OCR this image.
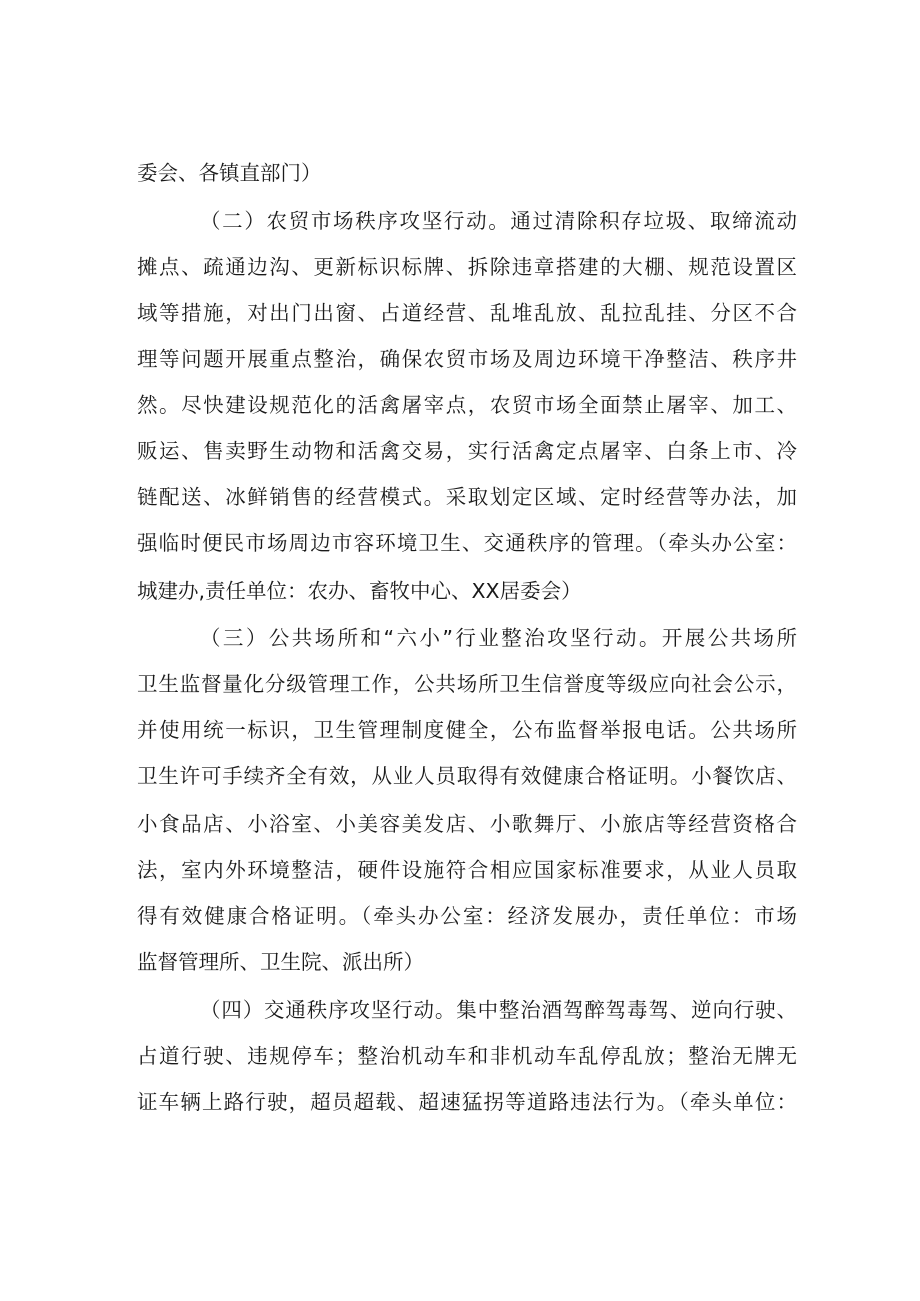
委会、各镇直部门）
（二）农贸市场秩序攻坚行动。通过清除积存垃圾、取缔流动
摊点、疏通边沟、更新标识标牌、拆除违章搭建的大棚、规范设置区
域等措施，对出门出窗、占道经营、乱堆乱放、乱拉乱挂、分区不合
理等问题开展重点整治，确保农贸市场及周边环境干净整洁、秩序井
然。尽快建设规范化的活禽屠宰点，农贸市场全面禁止屠宰、加工、
贩运、售卖野生动物和活禽交易，实行活禽定点屠宰、白条上市、冷
链配送、冰鲜销售的经营模式。采取划定区域、定时经营等办法，加
强临时便民市场周边市容环境卫生、交通秩序的管理。（牵头办公室：
城建办,责任单位：农办、畜牧中心、XX居委会）
（三）公共场所和“六小”行业整治攻坚行动。开展公共场所
卫生监督量化分级管理工作，公共场所卫生信誉度等级应向社会公示，
并使用统一标识，卫生管理制度健全，公布监督举报电话。公共场所
卫生许可手续齐全有效，从业人员取得有效健康合格证明。小餐饮店、
小食品店、小浴室、小美容美发店、小歌舞厅、小旅店等经营资格合
法，室内外环境整洁，硬件设施符合相应国家标准要求，从业人员取
得有效健康合格证明。（牵头办公室：经济发展办，责任单位：市场
监督管理所、卫生院、派出所）
（四）交通秩序攻坚行动。集中整治酒驾醉驾毒驾、逆向行驶、
占道行驶、违规停车；整治机动车和非机动车乱停乱放；整治无牌无
证车辆上路行驶，超员超载、超速猛拐等道路违法行为。（牵头单位：
